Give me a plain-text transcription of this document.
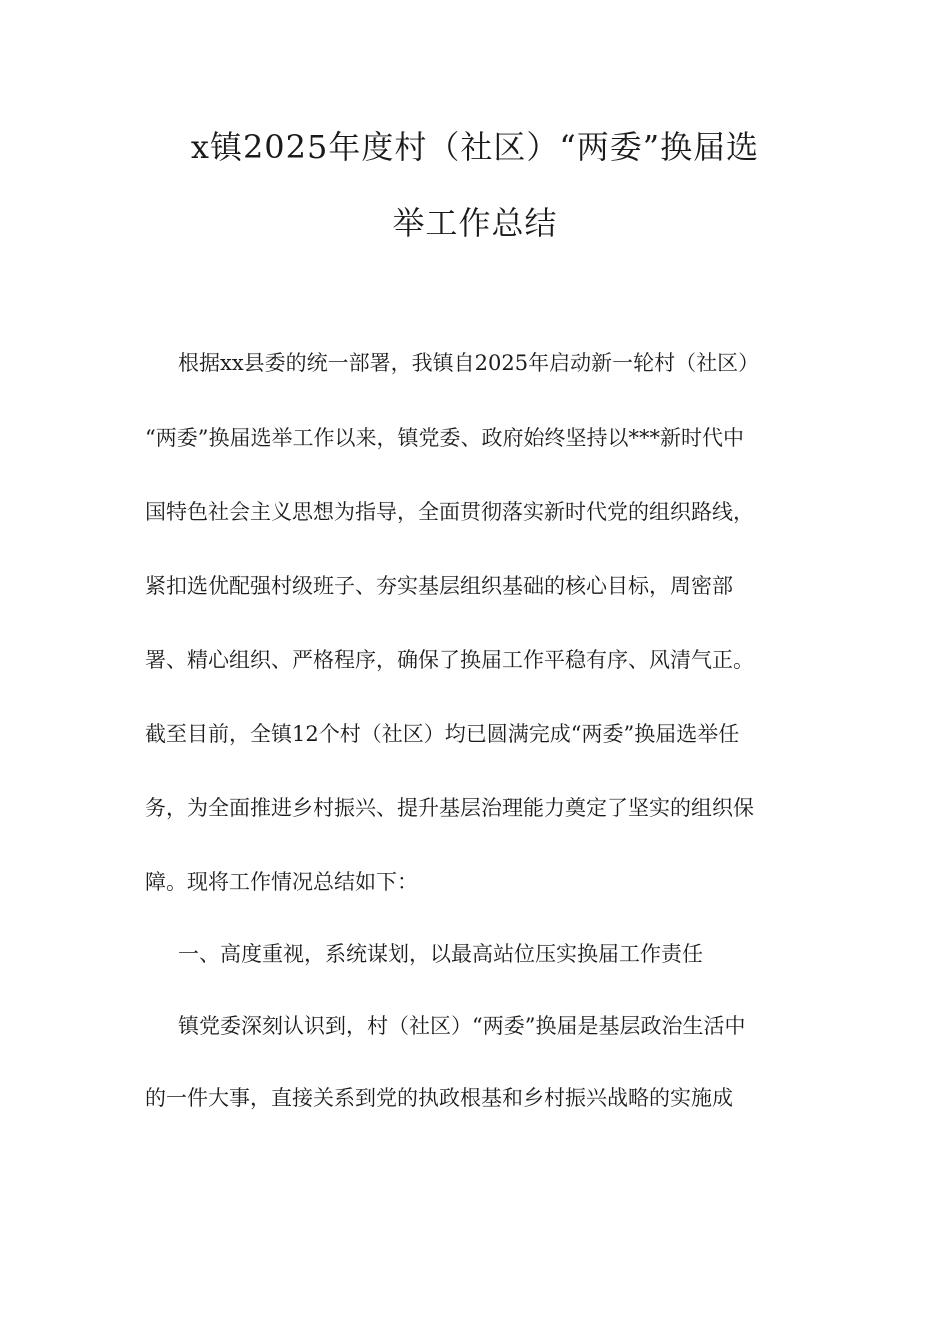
x镇2025年度村（社区）“两委”换届选
举工作总结
根据xx县委的统一部署，我镇自2025年启动新一轮村（社区）
“两委”换届选举工作以来，镇党委、政府始终坚持以***新时代中
国特色社会主义思想为指导，全面贯彻落实新时代党的组织路线，
紧扣选优配强村级班子、夯实基层组织基础的核心目标，周密部
署、精心组织、严格程序，确保了换届工作平稳有序、风清气正。
截至目前，全镇12个村（社区）均已圆满完成“两委”换届选举任
务，为全面推进乡村振兴、提升基层治理能力奠定了坚实的组织保
障。现将工作情况总结如下：
一、高度重视，系统谋划，以最高站位压实换届工作责任
镇党委深刻认识到，村（社区）“两委”换届是基层政治生活中
的一件大事，直接关系到党的执政根基和乡村振兴战略的实施成
